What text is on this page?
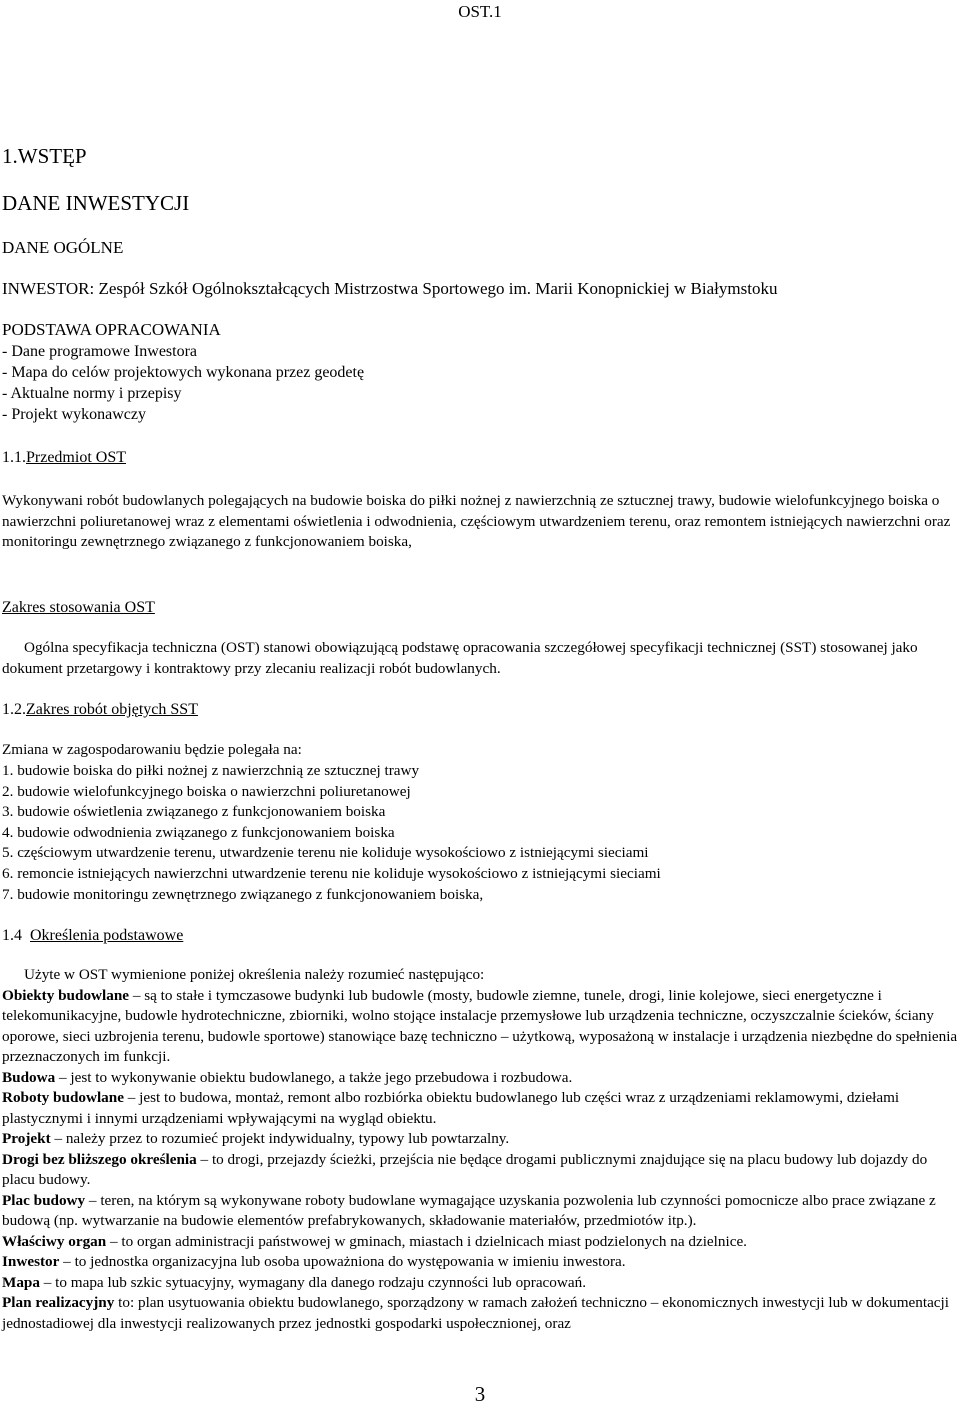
OST.1
1.WSTĘP
DANE INWESTYCJI
DANE OGÓLNE
INWESTOR: Zespół Szkół Ogólnokształcących Mistrzostwa Sportowego im. Marii Konopnickiej w Białymstoku
PODSTAWA OPRACOWANIA
- Dane programowe Inwestora
- Mapa do celów projektowych wykonana przez geodetę
- Aktualne normy i przepisy
- Projekt wykonawczy
1.1.Przedmiot OST
Wykonywani robót budowlanych polegających na budowie boiska do piłki nożnej z nawierzchnią ze sztucznej trawy, budowie wielofunkcyjnego boiska o nawierzchni poliuretanowej wraz z elementami oświetlenia i odwodnienia, częściowym utwardzeniem terenu, oraz remontem istniejących nawierzchni oraz monitoringu zewnętrznego związanego z funkcjonowaniem boiska,
Zakres stosowania OST
Ogólna specyfikacja techniczna (OST) stanowi obowiązującą podstawę opracowania szczegółowej specyfikacji technicznej (SST) stosowanej jako dokument przetargowy i kontraktowy przy zlecaniu realizacji robót budowlanych.
1.2.Zakres robót objętych SST
Zmiana w zagospodarowaniu będzie polegała na:
1. budowie boiska do piłki nożnej z nawierzchnią ze sztucznej trawy
2. budowie wielofunkcyjnego boiska o nawierzchni poliuretanowej
3. budowie oświetlenia związanego z funkcjonowaniem boiska
4. budowie odwodnienia związanego z funkcjonowaniem boiska
5. częściowym utwardzenie terenu, utwardzenie terenu nie koliduje wysokościowo z istniejącymi sieciami
6. remoncie istniejących nawierzchni utwardzenie terenu nie koliduje wysokościowo z istniejącymi sieciami
7. budowie monitoringu zewnętrznego związanego z funkcjonowaniem boiska,
1.4 Określenia podstawowe

Użyte w OST wymienione poniżej określenia należy rozumieć następująco:

Obiekty budowlane – są to stałe i tymczasowe budynki lub budowle (mosty, budowle ziemne, tunele, drogi, linie kolejowe, sieci energetyczne i telekomunikacyjne, budowle hydrotechniczne, zbiorniki, wolno stojące instalacje przemysłowe lub urządzenia techniczne, oczyszczalnie ścieków, ściany oporowe, sieci uzbrojenia terenu, budowle sportowe) stanowiące bazę techniczno – użytkową, wyposażoną w instalacje i urządzenia niezbędne do spełnienia przeznaczonych im funkcji.

Budowa – jest to wykonywanie obiektu budowlanego, a także jego przebudowa i rozbudowa.

Roboty budowlane – jest to budowa, montaż, remont albo rozbiórka obiektu budowlanego lub części wraz z urządzeniami reklamowymi, dziełami plastycznymi i innymi urządzeniami wpływającymi na wygląd obiektu.

Projekt – należy przez to rozumieć projekt indywidualny, typowy lub powtarzalny.

Drogi bez bliższego określenia – to drogi, przejazdy ścieżki, przejścia nie będące drogami publicznymi znajdujące się na placu budowy lub dojazdy do placu budowy.

Plac budowy – teren, na którym są wykonywane roboty budowlane wymagające uzyskania pozwolenia lub czynności pomocnicze albo prace związane z budową (np. wytwarzanie na budowie elementów prefabrykowanych, składowanie materiałów, przedmiotów itp.).

Właściwy organ – to organ administracji państwowej w gminach, miastach i dzielnicach miast podzielonych na dzielnice.

Inwestor – to jednostka organizacyjna lub osoba upoważniona do występowania w imieniu inwestora.

Mapa – to mapa lub szkic sytuacyjny, wymagany dla danego rodzaju czynności lub opracowań.

Plan realizacyjny to: plan usytuowania obiektu budowlanego, sporządzony w ramach założeń techniczno – ekonomicznych inwestycji lub w dokumentacji jednostadiowej dla inwestycji realizowanych przez jednostki gospodarki uspołecznionej, oraz

3
